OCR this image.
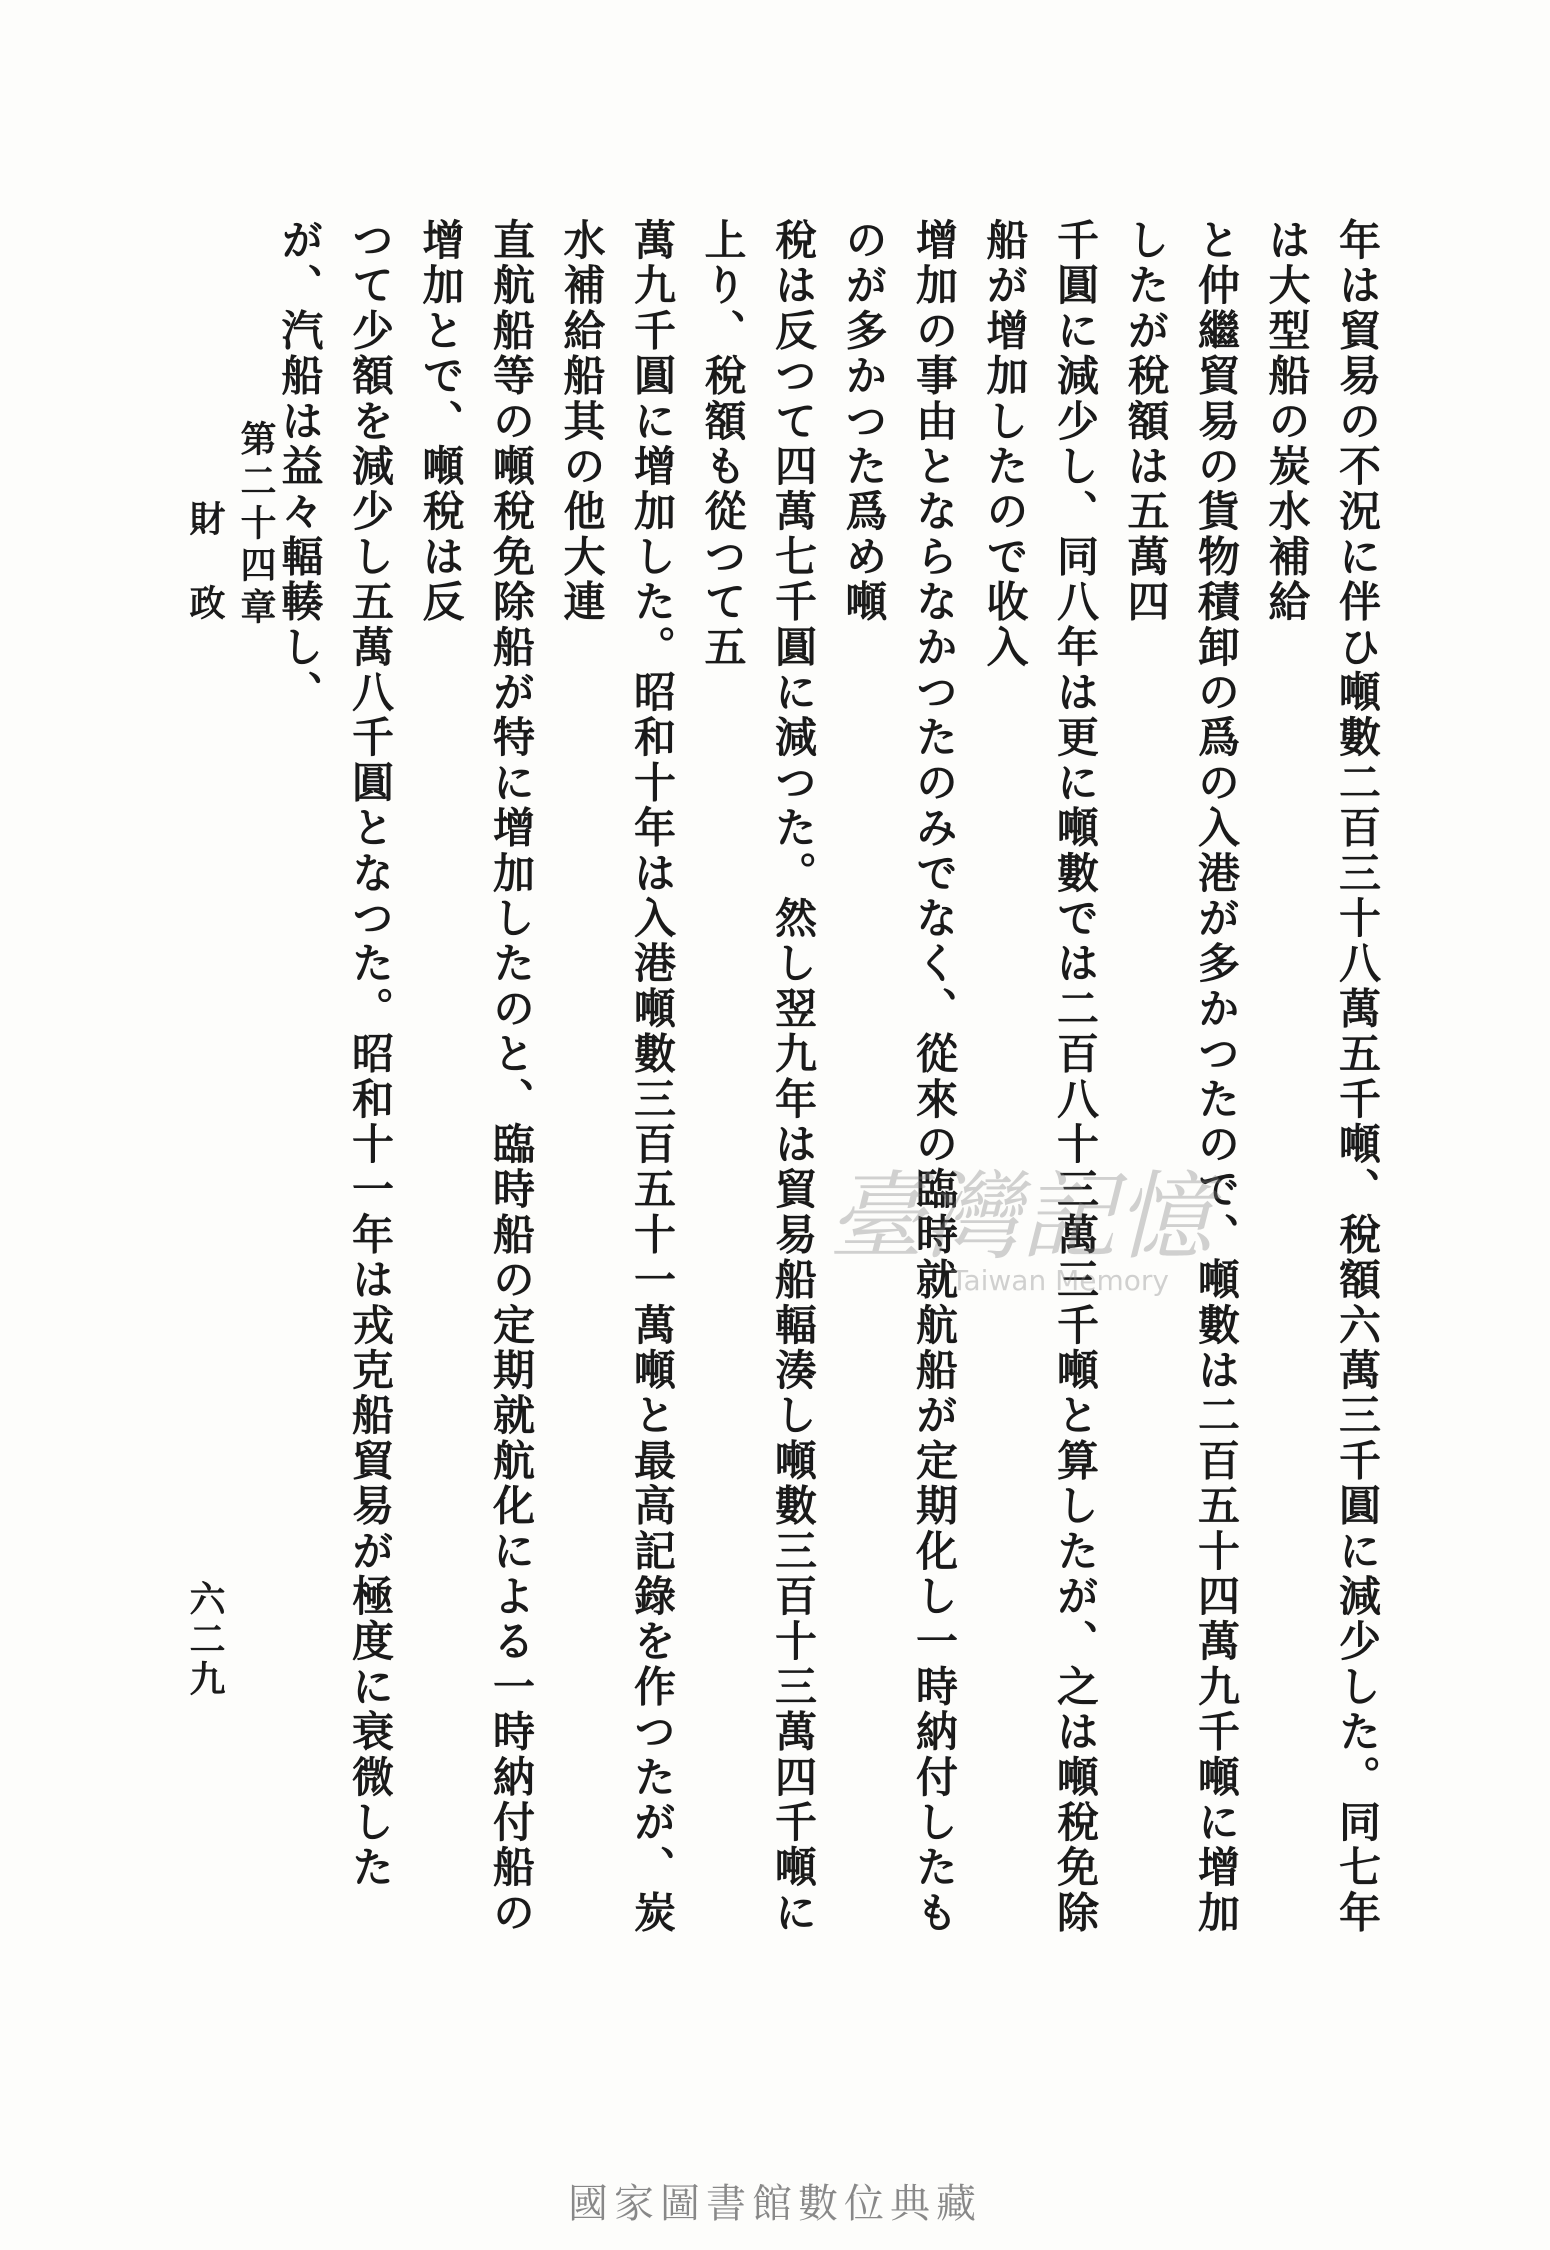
年は貿易の不況に伴ひ噸數二百三十八萬五千噸、稅額六萬三千圓に減少した。同七年は大型船の炭水補給
と仲繼貿易の貨物積卸の爲の入港が多かつたので、噸數は二百五十四萬九千噸に增加したが稅額は五萬四
千圓に減少し、同八年は更に噸數では二百八十三萬三千噸と算したが、之は噸稅免除船が增加したので收入
增加の事由とならなかつたのみでなく、從來の臨時就航船が定期化し一時納付したものが多かつた爲め噸
稅は反つて四萬七千圓に減つた。然し翌九年は貿易船輻湊し噸數三百十三萬四千噸に上り、稅額も從つて五
萬九千圓に增加した。昭和十年は入港噸數三百五十一萬噸と最高記錄を作つたが、炭水補給船其の他大連
直航船等の噸稅免除船が特に增加したのと、臨時船の定期就航化による一時納付船の增加とで、噸稅は反
つて少額を減少し五萬八千圓となつた。昭和十一年は戎克船貿易が極度に衰微したが、汽船は益々輻輳し、
第二十四章
財　政
六二九
臺灣記憶
Taiwan Memory
國家圖書館數位典藏
